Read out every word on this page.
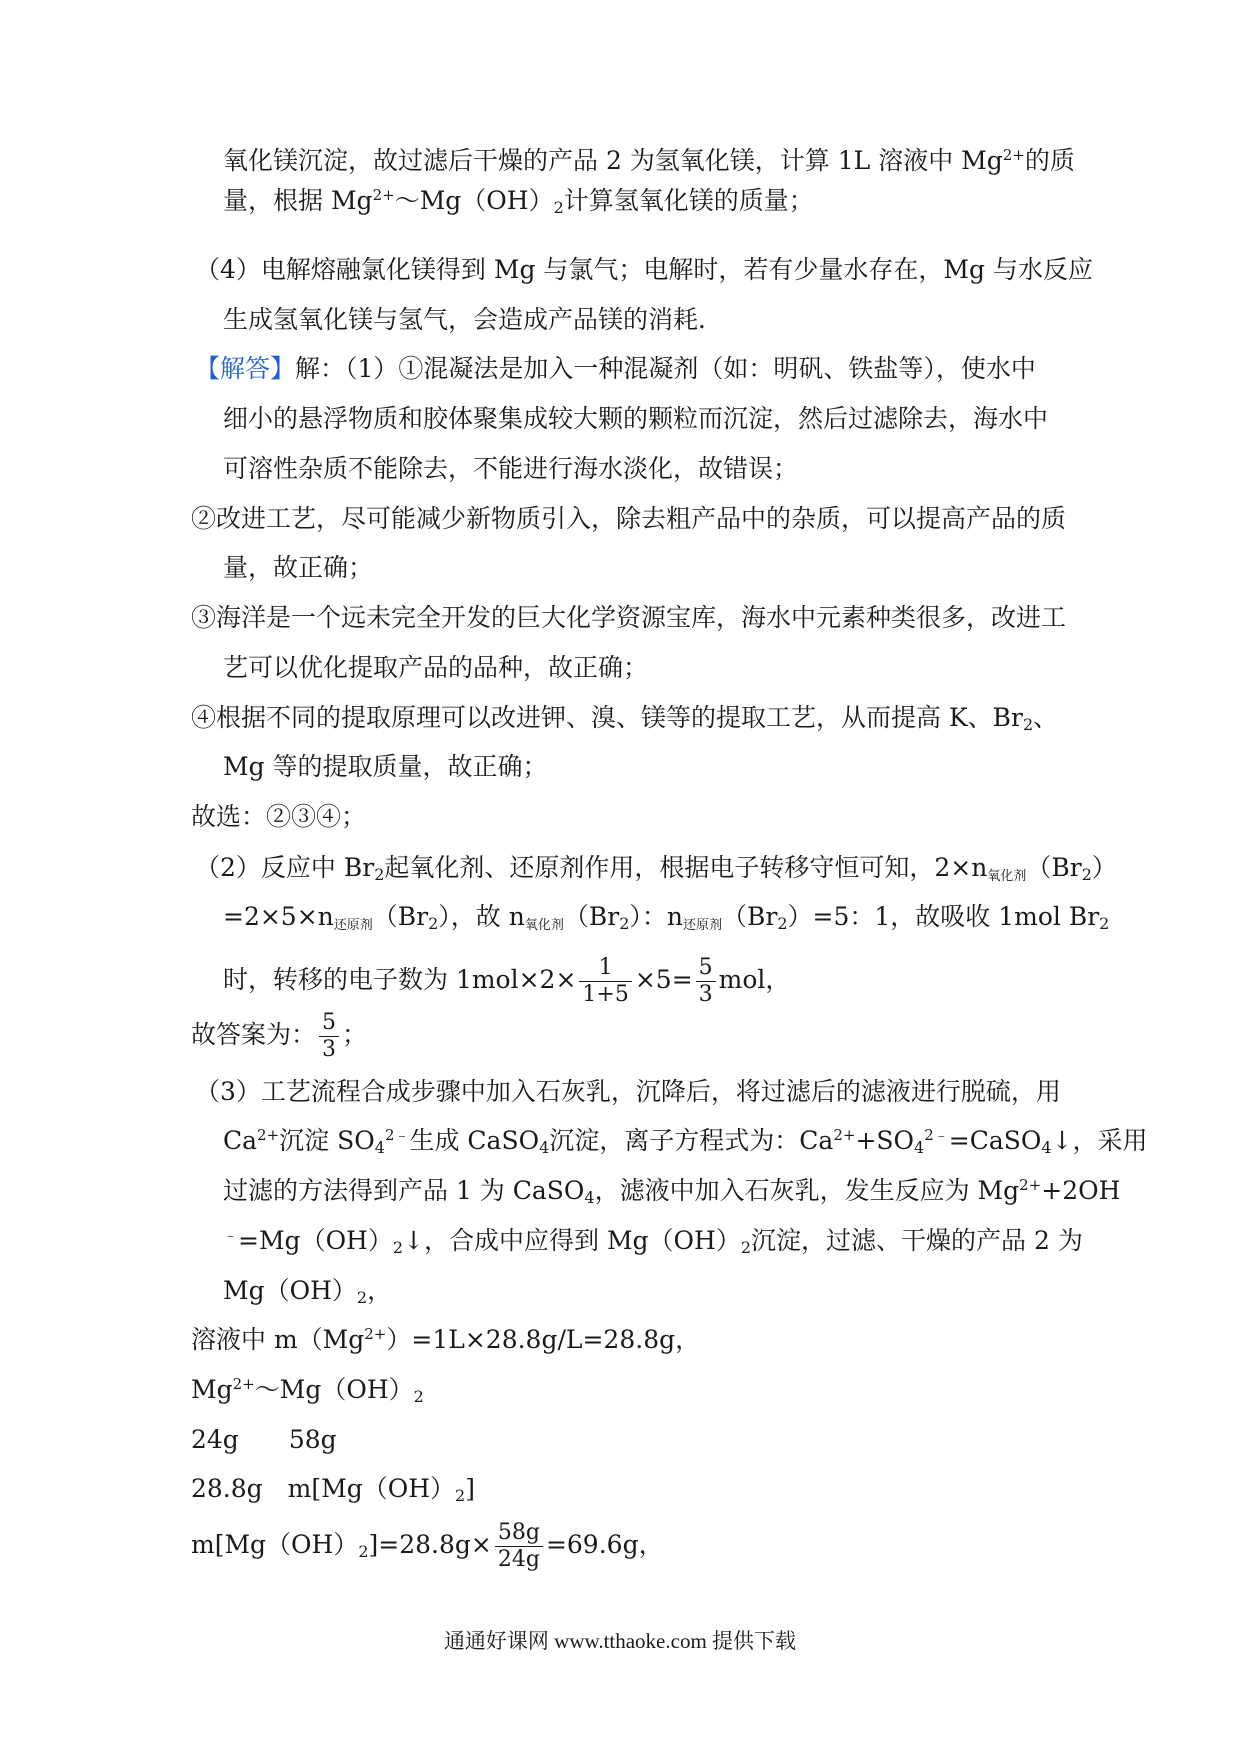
氧化镁沉淀，故过滤后干燥的产品 2 为氢氧化镁，计算 1L 溶液中 $Mg^{2+}$的质
量，根据 $Mg^{2+}\sim Mg(OH)_2$计算氢氧化镁的质量；
（4）电解熔融氯化镁得到 Mg 与氯气；电解时，若有少量水存在，Mg 与水反应
生成氢氧化镁与氢气，会造成产品镁的消耗．
【解答】解：（1）①混凝法是加入一种混凝剂（如：明矾、铁盐等），使水中
细小的悬浮物质和胶体聚集成较大颗的颗粒而沉淀，然后过滤除去，海水中
可溶性杂质不能除去，不能进行海水淡化，故错误；
②改进工艺，尽可能减少新物质引入，除去粗产品中的杂质，可以提高产品的质
量，故正确；
③海洋是一个远未完全开发的巨大化学资源宝库，海水中元素种类很多，改进工
艺可以优化提取产品的品种，故正确；
④根据不同的提取原理可以改进钾、溴、镁等的提取工艺，从而提高 K、$Br_2$、
Mg 等的提取质量，故正确；
故选：②③④；
（2）反应中 $Br_2$起氧化剂、还原剂作用，根据电子转移守恒可知，2×n氧化剂$(Br_2)$
=2×5×n还原剂$(Br_2)$，故 n氧化剂$(Br_2)$：n还原剂$(Br_2)=5$：1，故吸收 1mol $Br_2$
时，转移的电子数为 $1mol\times 2\times \frac{1}{1+5} \times 5= \frac{5}{3}$ mol，
故答案为： $\frac{5}{3}$ ；
（3）工艺流程合成步骤中加入石灰乳，沉降后，将过滤后的滤液进行脱硫，用
$Ca^{2+}$沉淀 $SO_4^{2﹣}$生成 CaSO$_4$沉淀，离子方程式为：$Ca^{2+}+SO_4^{2﹣}=CaSO_4↓$，采用
过滤的方法得到产品 1 为 CaSO$_4$，滤液中加入石灰乳，发生反应为 $Mg^{2+}+2OH$
$^﹣=Mg(OH)_2↓$，合成中应得到 $Mg(OH)_2$沉淀，过滤、干燥的产品 2 为
$Mg(OH)_2$，
溶液中 $m(Mg^{2+})=1L\times 28.8g/L=28.8g$，
$Mg^{2+}\sim Mg(OH)_2$
24g　　58g
28.8g　$m[Mg(OH)_2]$
$m[Mg(OH)_2]=28.8g\times \frac{58g}{24g} =69.6g$，
通通好课网 www.tthaoke.com 提供下载
